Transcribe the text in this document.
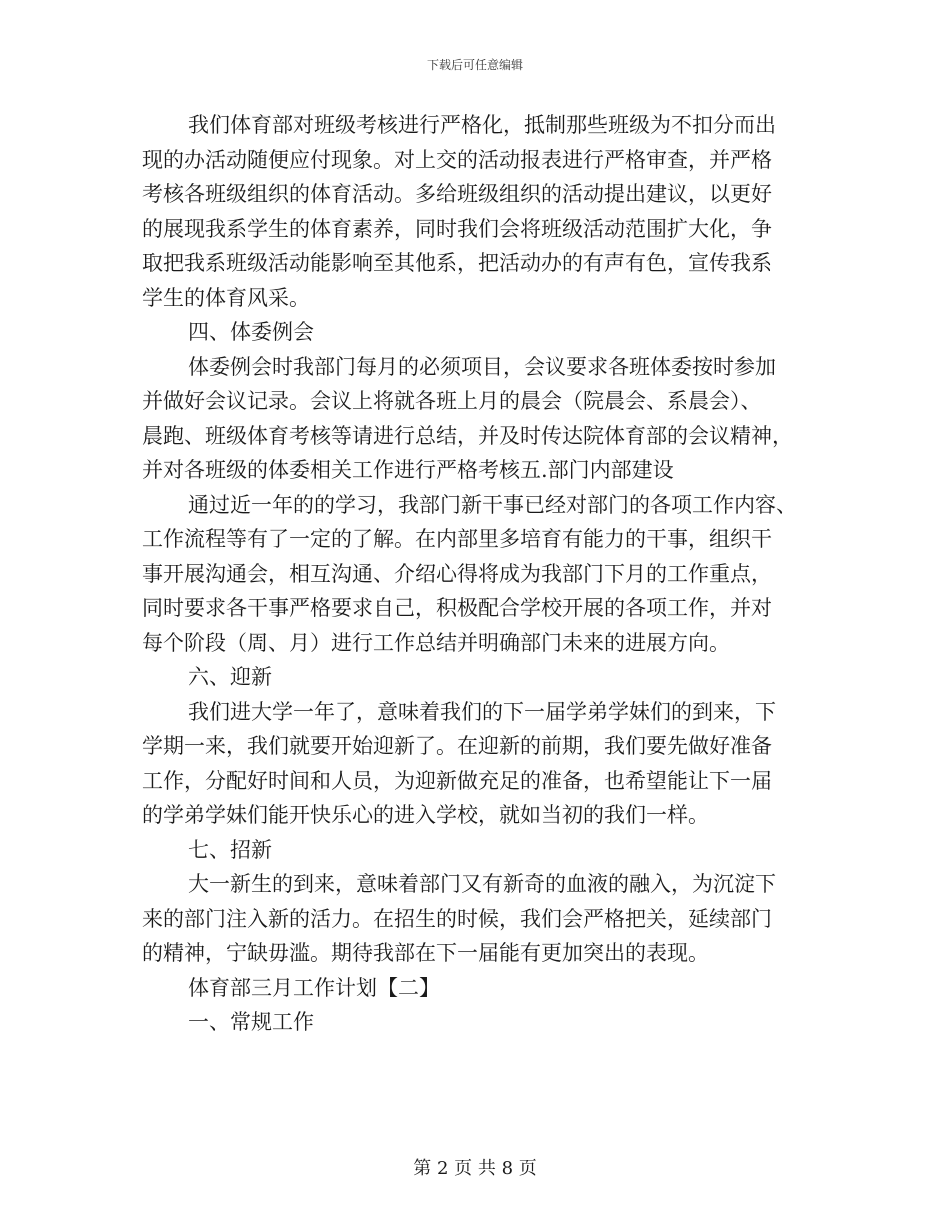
下载后可任意编辑
我们体育部对班级考核进行严格化，抵制那些班级为不扣分而出
现的办活动随便应付现象。对上交的活动报表进行严格审查，并严格
考核各班级组织的体育活动。多给班级组织的活动提出建议，以更好
的展现我系学生的体育素养，同时我们会将班级活动范围扩大化，争
取把我系班级活动能影响至其他系，把活动办的有声有色，宣传我系
学生的体育风采。
四、体委例会
体委例会时我部门每月的必须项目，会议要求各班体委按时参加
并做好会议记录。会议上将就各班上月的晨会（院晨会、系晨会）、
晨跑、班级体育考核等请进行总结，并及时传达院体育部的会议精神，
并对各班级的体委相关工作进行严格考核五.部门内部建设
通过近一年的的学习，我部门新干事已经对部门的各项工作内容、
工作流程等有了一定的了解。在内部里多培育有能力的干事，组织干
事开展沟通会，相互沟通、介绍心得将成为我部门下月的工作重点，
同时要求各干事严格要求自己，积极配合学校开展的各项工作，并对
每个阶段（周、月）进行工作总结并明确部门未来的进展方向。
六、迎新
我们进大学一年了，意味着我们的下一届学弟学妹们的到来，下
学期一来，我们就要开始迎新了。在迎新的前期，我们要先做好准备
工作，分配好时间和人员，为迎新做充足的准备，也希望能让下一届
的学弟学妹们能开快乐心的进入学校，就如当初的我们一样。
七、招新
大一新生的到来，意味着部门又有新奇的血液的融入，为沉淀下
来的部门注入新的活力。在招生的时候，我们会严格把关，延续部门
的精神，宁缺毋滥。期待我部在下一届能有更加突出的表现。
体育部三月工作计划【二】
一、常规工作
第 2 页 共 8 页
